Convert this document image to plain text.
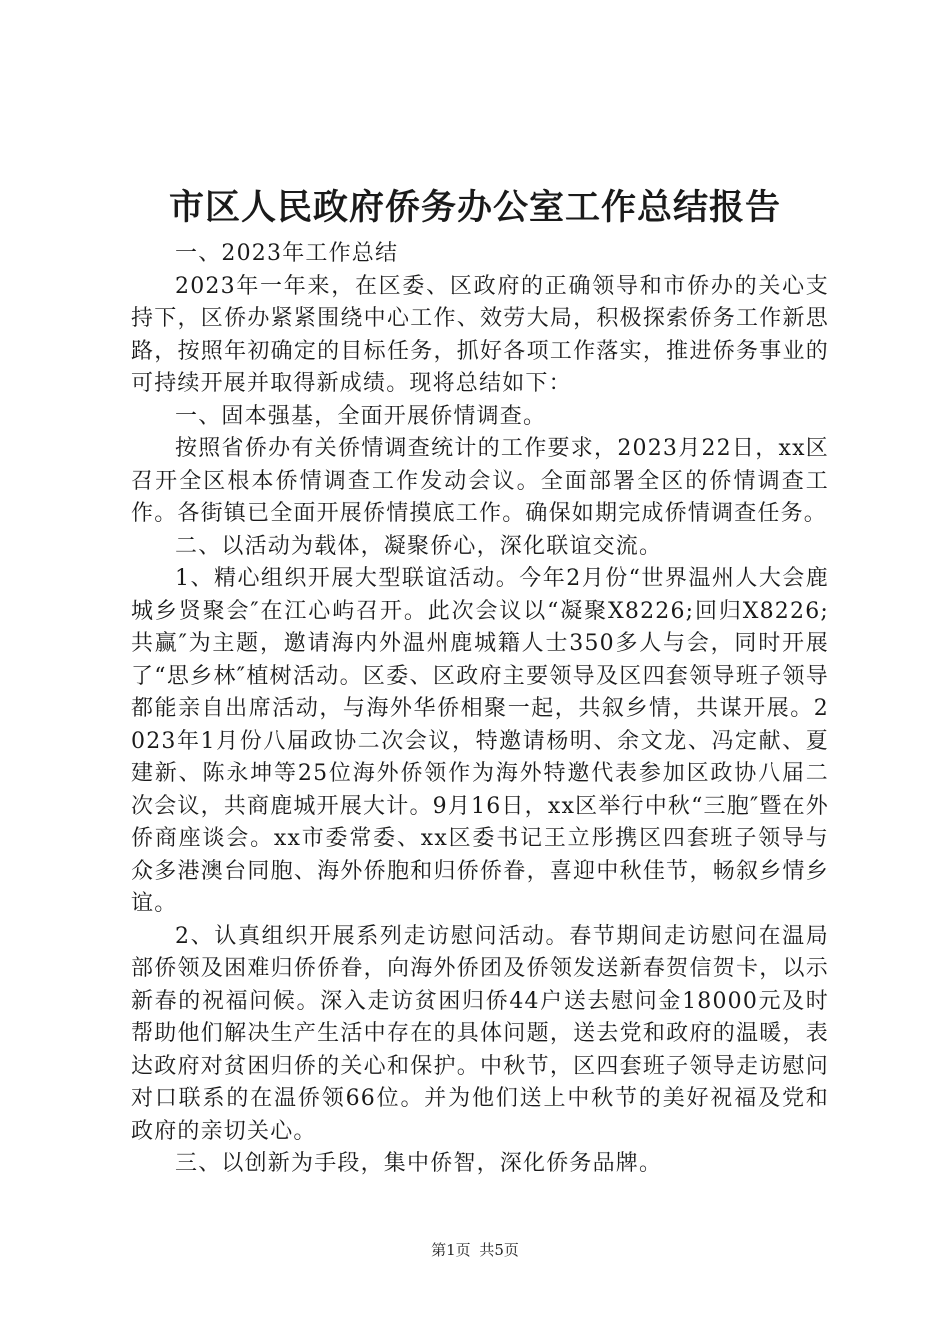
市区人民政府侨务办公室工作总结报告

一、2023年工作总结

2023年一年来，在区委、区政府的正确领导和市侨办的关心支持下，区侨办紧紧围绕中心工作、效劳大局，积极探索侨务工作新思路，按照年初确定的目标任务，抓好各项工作落实，推进侨务事业的可持续开展并取得新成绩。现将总结如下：

一、固本强基，全面开展侨情调查。

按照省侨办有关侨情调查统计的工作要求，2023月22日，xx区召开全区根本侨情调查工作发动会议。全面部署全区的侨情调查工作。各街镇已全面开展侨情摸底工作。确保如期完成侨情调查任务。

二、以活动为载体，凝聚侨心，深化联谊交流。

1、精心组织开展大型联谊活动。今年2月份“世界温州人大会鹿城乡贤聚会″在江心屿召开。此次会议以“凝聚X8226;回归X8226;共赢″为主题，邀请海内外温州鹿城籍人士350多人与会，同时开展了“思乡林″植树活动。区委、区政府主要领导及区四套领导班子领导都能亲自出席活动，与海外华侨相聚一起，共叙乡情，共谋开展。2023年1月份八届政协二次会议，特邀请杨明、余文龙、冯定献、夏建新、陈永坤等25位海外侨领作为海外特邀代表参加区政协八届二次会议，共商鹿城开展大计。9月16日，xx区举行中秋“三胞″暨在外侨商座谈会。xx市委常委、xx区委书记王立彤携区四套班子领导与众多港澳台同胞、海外侨胞和归侨侨眷，喜迎中秋佳节，畅叙乡情乡谊。

2、认真组织开展系列走访慰问活动。春节期间走访慰问在温局部侨领及困难归侨侨眷，向海外侨团及侨领发送新春贺信贺卡，以示新春的祝福问候。深入走访贫困归侨44户送去慰问金18000元及时帮助他们解决生产生活中存在的具体问题，送去党和政府的温暖，表达政府对贫困归侨的关心和保护。中秋节，区四套班子领导走访慰问对口联系的在温侨领66位。并为他们送上中秋节的美好祝福及党和政府的亲切关心。

三、以创新为手段，集中侨智，深化侨务品牌。

第1页 共5页
